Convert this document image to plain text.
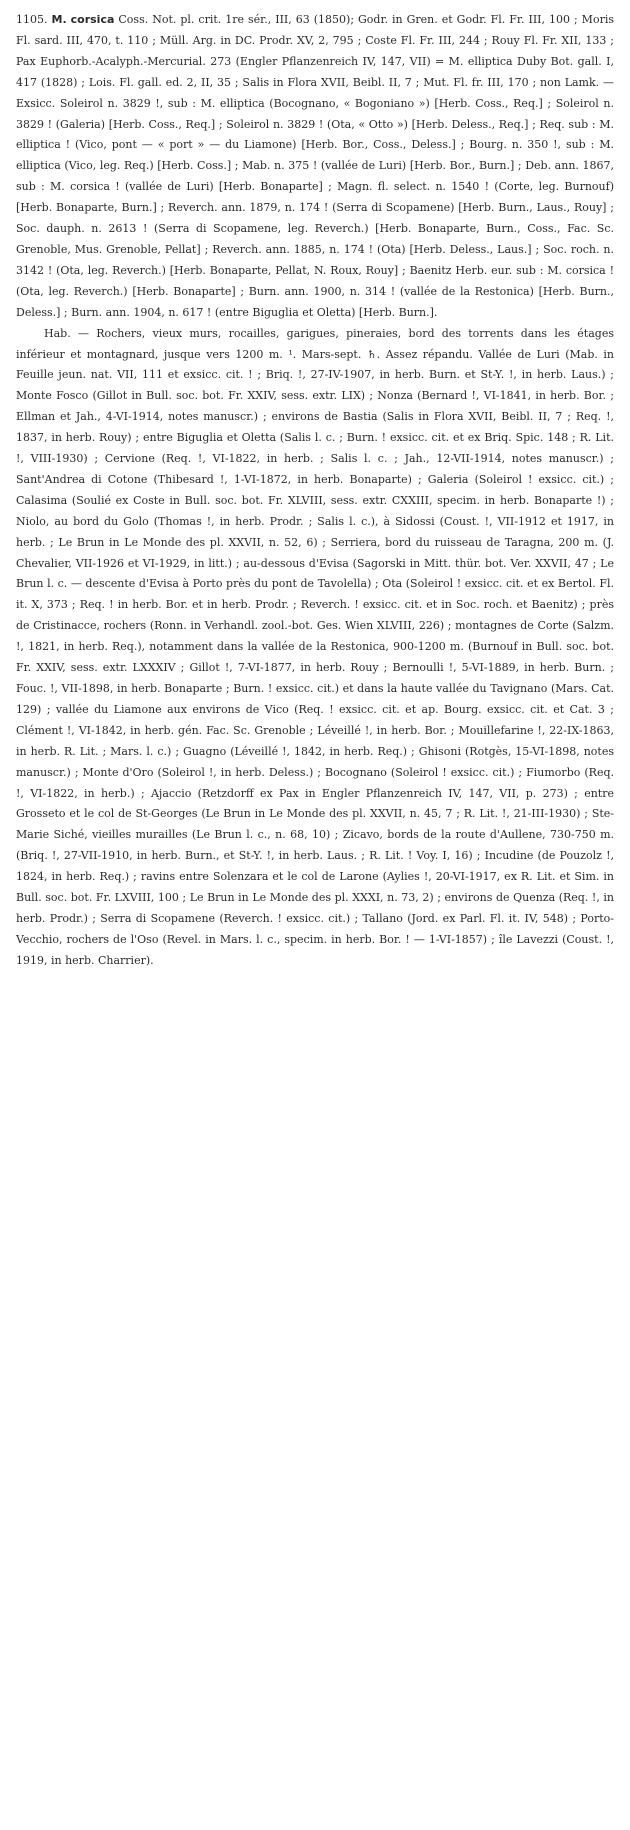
1105. M. corsica Coss. Not. pl. crit. 1re sér., III, 63 (1850); Godr. in Gren. et Godr. Fl. Fr. III, 100 ; Moris Fl. sard. III, 470, t. 110 ; Müll. Arg. in DC. Prodr. XV, 2, 795 ; Coste Fl. Fr. III, 244 ; Rouy Fl. Fr. XII, 133 ; Pax Euphorb.-Acalyph.-Mercurial. 273 (Engler Pflanzenreich IV, 147, VII) = M. elliptica Duby Bot. gall. I, 417 (1828) ; Lois. Fl. gall. ed. 2, II, 35 ; Salis in Flora XVII, Beibl. II, 7 ; Mut. Fl. fr. III, 170 ; non Lamk. — Exsicc. Soleirol n. 3829 !, sub : M. elliptica (Bocognano, « Bogoniano ») [Herb. Coss., Req.] ; Soleirol n. 3829 ! (Galeria) [Herb. Coss., Req.] ; Soleirol n. 3829 ! (Ota, « Otto ») [Herb. Deless., Req.] ; Req. sub : M. elliptica ! (Vico, pont — « port » — du Liamone) [Herb. Bor., Coss., Deless.] ; Bourg. n. 350 !, sub : M. elliptica (Vico, leg. Req.) [Herb. Coss.] ; Mab. n. 375 ! (vallée de Luri) [Herb. Bor., Burn.] ; Deb. ann. 1867, sub : M. corsica ! (vallée de Luri) [Herb. Bonaparte] ; Magn. fl. select. n. 1540 ! (Corte, leg. Burnouf) [Herb. Bonaparte, Burn.] ; Reverch. ann. 1879, n. 174 ! (Serra di Scopamene) [Herb. Burn., Laus., Rouy] ; Soc. dauph. n. 2613 ! (Serra di Scopamene, leg. Reverch.) [Herb. Bonaparte, Burn., Coss., Fac. Sc. Grenoble, Mus. Grenoble, Pellat] ; Reverch. ann. 1885, n. 174 ! (Ota) [Herb. Deless., Laus.] ; Soc. roch. n. 3142 ! (Ota, leg. Reverch.) [Herb. Bonaparte, Pellat, N. Roux, Rouy] ; Baenitz Herb. eur. sub : M. corsica ! (Ota, leg. Reverch.) [Herb. Bonaparte] ; Burn. ann. 1900, n. 314 ! (vallée de la Restonica) [Herb. Burn., Deless.] ; Burn. ann. 1904, n. 617 ! (entre Biguglia et Oletta) [Herb. Burn.].

Hab. — Rochers, vieux murs, rocailles, garigues, pineraies, bord des torrents dans les étages inférieur et montagnard, jusque vers 1200 m. ¹. Mars-sept. ♄. Assez répandu. Vallée de Luri (Mab. in Feuille jeun. nat. VII, 111 et exsicc. cit. ! ; Briq. !, 27-IV-1907, in herb. Burn. et St-Y. !, in herb. Laus.) ; Monte Fosco (Gillot in Bull. soc. bot. Fr. XXIV, sess. extr. LIX) ; Nonza (Bernard !, VI-1841, in herb. Bor. ; Ellman et Jah., 4-VI-1914, notes manuscr.) ; environs de Bastia (Salis in Flora XVII, Beibl. II, 7 ; Req. !, 1837, in herb. Rouy) ; entre Biguglia et Oletta (Salis l. c. ; Burn. ! exsicc. cit. et ex Briq. Spic. 148 ; R. Lit. !, VIII-1930) ; Cervione (Req. !, VI-1822, in herb. ; Salis l. c. ; Jah., 12-VII-1914, notes manuscr.) ; Sant'Andrea di Cotone (Thibesard !, 1-VI-1872, in herb. Bonaparte) ; Galeria (Soleirol ! exsicc. cit.) ; Calasima (Soulié ex Coste in Bull. soc. bot. Fr. XLVIII, sess. extr. CXXIII, specim. in herb. Bonaparte !) ; Niolo, au bord du Golo (Thomas !, in herb. Prodr. ; Salis l. c.), à Sidossi (Coust. !, VII-1912 et 1917, in herb. ; Le Brun in Le Monde des pl. XXVII, n. 52, 6) ; Serriera, bord du ruisseau de Taragna, 200 m. (J. Chevalier, VII-1926 et VI-1929, in litt.) ; au-dessous d'Evisa (Sagorski in Mitt. thür. bot. Ver. XXVII, 47 ; Le Brun l. c. — descente d'Evisa à Porto près du pont de Tavolella) ; Ota (Soleirol ! exsicc. cit. et ex Bertol. Fl. it. X, 373 ; Req. ! in herb. Bor. et in herb. Prodr. ; Reverch. ! exsicc. cit. et in Soc. roch. et Baenitz) ; près de Cristinacce, rochers (Ronn. in Verhandl. zool.-bot. Ges. Wien XLVIII, 226) ; montagnes de Corte (Salzm. !, 1821, in herb. Req.), notamment dans la vallée de la Restonica, 900-1200 m. (Burnouf in Bull. soc. bot. Fr. XXIV, sess. extr. LXXXIV ; Gillot !, 7-VI-1877, in herb. Rouy ; Bernoulli !, 5-VI-1889, in herb. Burn. ; Fouc. !, VII-1898, in herb. Bonaparte ; Burn. ! exsicc. cit.) et dans la haute vallée du Tavignano (Mars. Cat. 129) ; vallée du Liamone aux environs de Vico (Req. ! exsicc. cit. et ap. Bourg. exsicc. cit. et Cat. 3 ; Clément !, VI-1842, in herb. gén. Fac. Sc. Grenoble ; Léveillé !, in herb. Bor. ; Mouillefarine !, 22-IX-1863, in herb. R. Lit. ; Mars. l. c.) ; Guagno (Léveillé !, 1842, in herb. Req.) ; Ghisoni (Rotgès, 15-VI-1898, notes manuscr.) ; Monte d'Oro (Soleirol !, in herb. Deless.) ; Bocognano (Soleirol ! exsicc. cit.) ; Fiumorbo (Req. !, VI-1822, in herb.) ; Ajaccio (Retzdorff ex Pax in Engler Pflanzenreich IV, 147, VII, p. 273) ; entre Grosseto et le col de St-Georges (Le Brun in Le Monde des pl. XXVII, n. 45, 7 ; R. Lit. !, 21-III-1930) ; Ste-Marie Siché, vieilles murailles (Le Brun l. c., n. 68, 10) ; Zicavo, bords de la route d'Aullene, 730-750 m. (Briq. !, 27-VII-1910, in herb. Burn., et St-Y. !, in herb. Laus. ; R. Lit. ! Voy. I, 16) ; Incudine (de Pouzolz !, 1824, in herb. Req.) ; ravins entre Solenzara et le col de Larone (Aylies !, 20-VI-1917, ex R. Lit. et Sim. in Bull. soc. bot. Fr. LXVIII, 100 ; Le Brun in Le Monde des pl. XXXI, n. 73, 2) ; environs de Quenza (Req. !, in herb. Prodr.) ; Serra di Scopamene (Reverch. ! exsicc. cit.) ; Tallano (Jord. ex Parl. Fl. it. IV, 548) ; Porto-Vecchio, rochers de l'Oso (Revel. in Mars. l. c., specim. in herb. Bor. ! — 1-VI-1857) ; île Lavezzi (Coust. !, 1919, in herb. Charrier).
